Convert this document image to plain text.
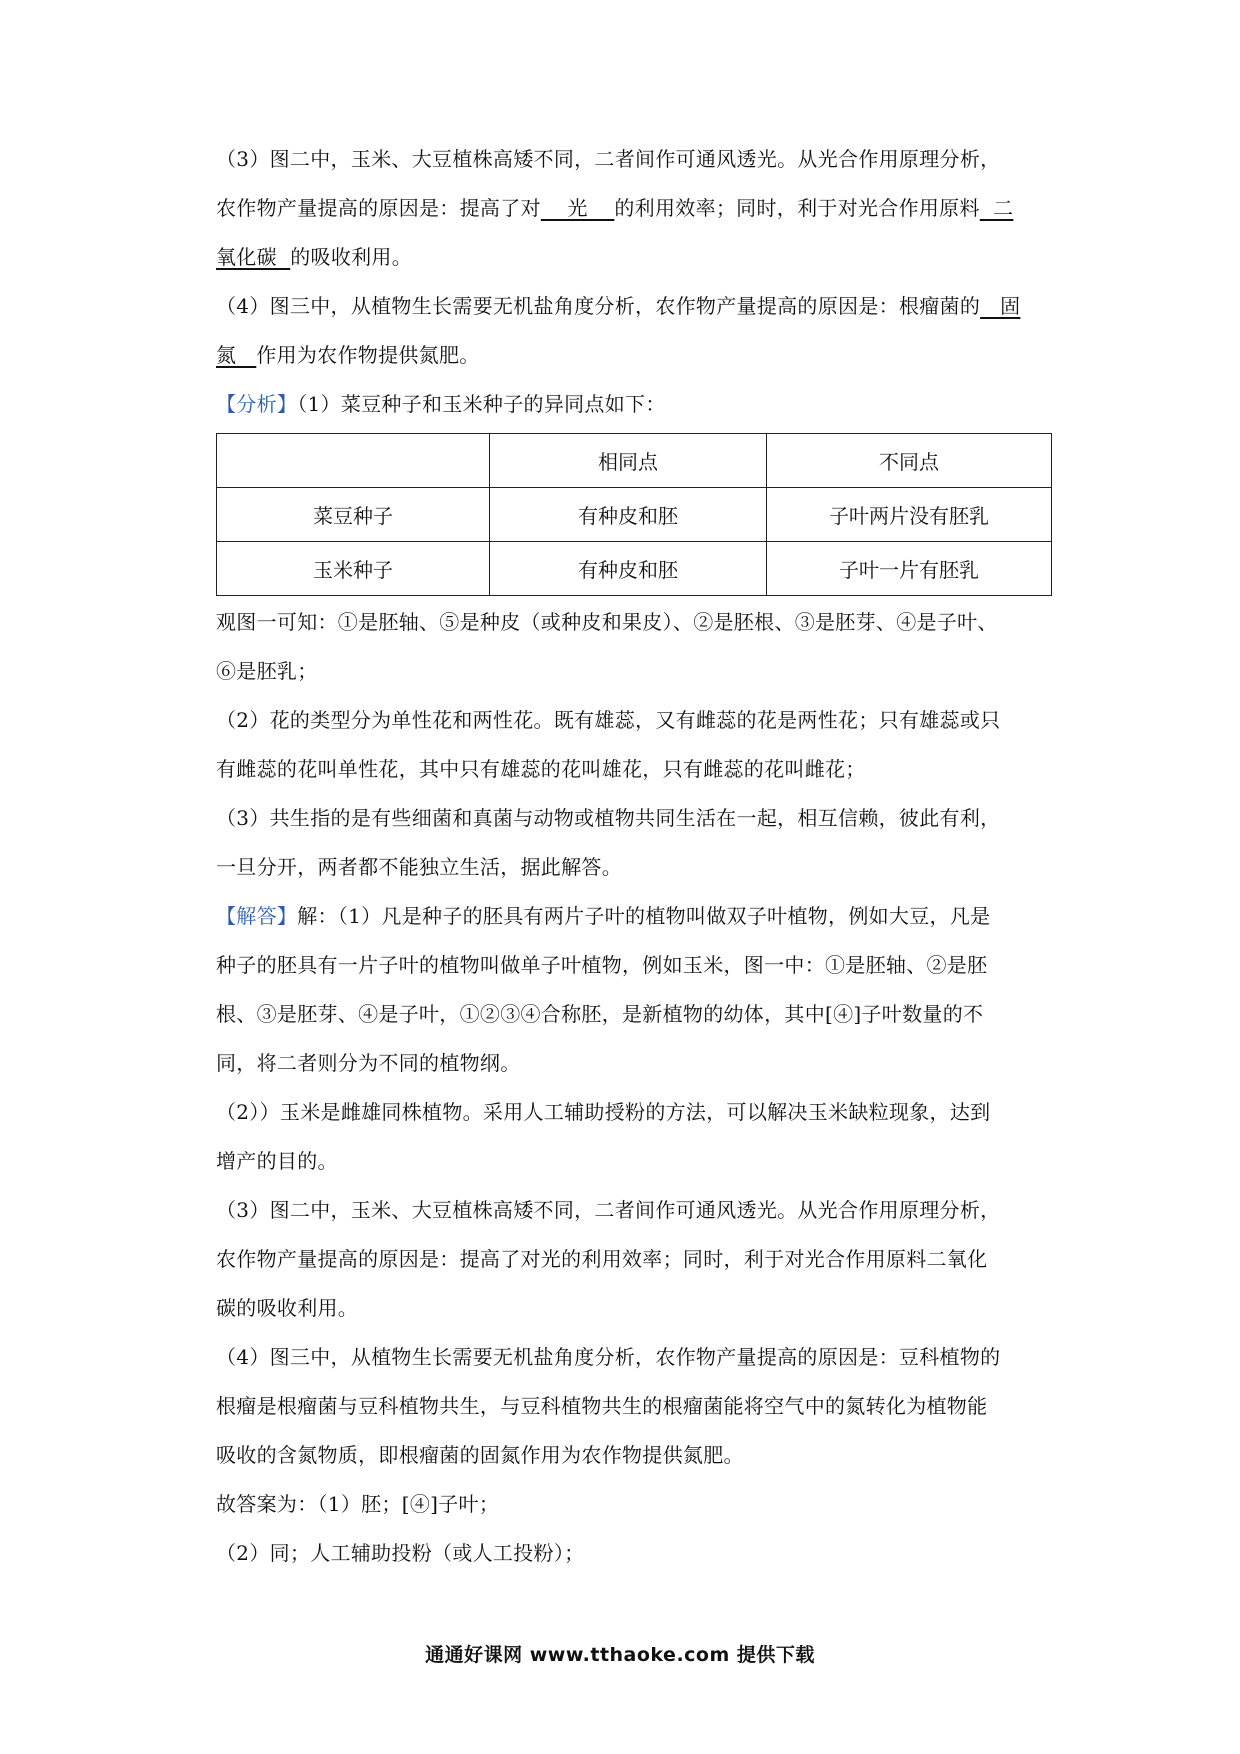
（3）图二中，玉米、大豆植株高矮不同，二者间作可通风透光。从光合作用原理分析，
农作物产量提高的原因是：提高了对    光    的利用效率；同时，利于对光合作用原料  二
氧化碳  的吸收利用。
（4）图三中，从植物生长需要无机盐角度分析，农作物产量提高的原因是：根瘤菌的   固
氮   作用为农作物提供氮肥。
【分析】（1）菜豆种子和玉米种子的异同点如下：
	相同点	不同点
菜豆种子	有种皮和胚	子叶两片没有胚乳
玉米种子	有种皮和胚	子叶一片有胚乳
观图一可知：①是胚轴、⑤是种皮（或种皮和果皮）、②是胚根、③是胚芽、④是子叶、
⑥是胚乳；
（2）花的类型分为单性花和两性花。既有雄蕊，又有雌蕊的花是两性花；只有雄蕊或只
有雌蕊的花叫单性花，其中只有雄蕊的花叫雄花，只有雌蕊的花叫雌花；
（3）共生指的是有些细菌和真菌与动物或植物共同生活在一起，相互信赖，彼此有利，
一旦分开，两者都不能独立生活，据此解答。
【解答】解：（1）凡是种子的胚具有两片子叶的植物叫做双子叶植物，例如大豆，凡是
种子的胚具有一片子叶的植物叫做单子叶植物，例如玉米，图一中：①是胚轴、②是胚
根、③是胚芽、④是子叶，①②③④合称胚，是新植物的幼体，其中[④]子叶数量的不
同，将二者则分为不同的植物纲。
（2））玉米是雌雄同株植物。采用人工辅助授粉的方法，可以解决玉米缺粒现象，达到
增产的目的。
（3）图二中，玉米、大豆植株高矮不同，二者间作可通风透光。从光合作用原理分析，
农作物产量提高的原因是：提高了对光的利用效率；同时，利于对光合作用原料二氧化
碳的吸收利用。
（4）图三中，从植物生长需要无机盐角度分析，农作物产量提高的原因是：豆科植物的
根瘤是根瘤菌与豆科植物共生，与豆科植物共生的根瘤菌能将空气中的氮转化为植物能
吸收的含氮物质，即根瘤菌的固氮作用为农作物提供氮肥。
故答案为：（1）胚；[④]子叶；
（2）同；人工辅助投粉（或人工投粉）；
通通好课网 www.tthaoke.com 提供下载
